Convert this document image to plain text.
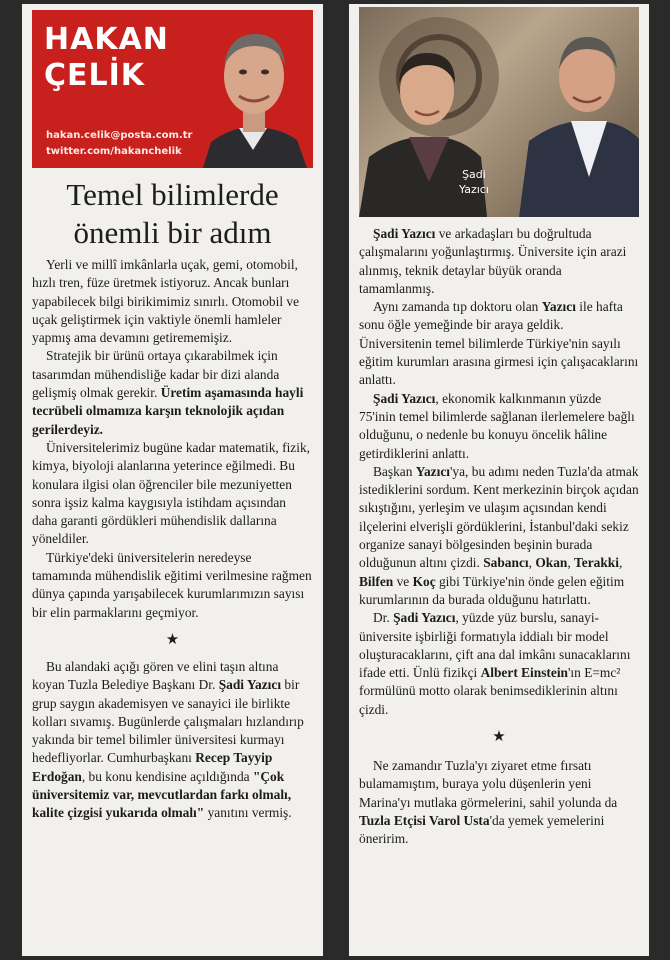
HAKAN
ÇELİK
hakan.celik@posta.com.tr
twitter.com/hakanchelik
Temel bilimlerde
önemli bir adım

Yerli ve millî imkânlarla uçak, gemi, otomobil, hızlı tren, füze üretmek istiyoruz. Ancak bunları yapabilecek bilgi birikimimiz sınırlı. Otomobil ve uçak geliştirmek için vaktiyle önemli hamleler yapmış ama devamını getirememişiz.

Stratejik bir ürünü ortaya çıkarabilmek için tasarımdan mühendisliğe kadar bir dizi alanda gelişmiş olmak gerekir. Üretim aşamasında hayli tecrübeli olmamıza karşın teknolojik açıdan gerilerdeyiz.

Üniversitelerimiz bugüne kadar matematik, fizik, kimya, biyoloji alanlarına yeterince eğilmedi. Bu konulara ilgisi olan öğrenciler bile mezuniyetten sonra işsiz kalma kaygısıyla istihdam açısından daha garanti gördükleri mühendislik dallarına yöneldiler.

Türkiye'deki üniversitelerin neredeyse tamamında mühendislik eğitimi verilmesine rağmen dünya çapında yarışabilecek kurumlarımızın sayısı bir elin parmaklarını geçmiyor.

★

Bu alandaki açığı gören ve elini taşın altına koyan Tuzla Belediye Başkanı Dr. Şadi Yazıcı bir grup saygın akademisyen ve sanayici ile birlikte kolları sıvamış. Bugünlerde çalışmaları hızlandırıp yakında bir temel bilimler üniversitesi kurmayı hedefliyorlar. Cumhurbaşkanı Recep Tayyip Erdoğan, bu konu kendisine açıldığında "Çok üniversitemiz var, mevcutlardan farkı olmalı, kalite çizgisi yukarıda olmalı" yanıtını vermiş.

Şadi
Yazıcı

Şadi Yazıcı ve arkadaşları bu doğrultuda çalışmalarını yoğunlaştırmış. Üniversite için arazi alınmış, teknik detaylar büyük oranda tamamlanmış.

Aynı zamanda tıp doktoru olan Yazıcı ile hafta sonu öğle yemeğinde bir araya geldik. Üniversitenin temel bilimlerde Türkiye'nin sayılı eğitim kurumları arasına girmesi için çalışacaklarını anlattı.

Şadi Yazıcı, ekonomik kalkınmanın yüzde 75'inin temel bilimlerde sağlanan ilerlemelere bağlı olduğunu, o nedenle bu konuyu öncelik hâline getirdiklerini anlattı.

Başkan Yazıcı'ya, bu adımı neden Tuzla'da atmak istediklerini sordum. Kent merkezinin birçok açıdan sıkıştığını, yerleşim ve ulaşım açısından kendi ilçelerini elverişli gördüklerini, İstanbul'daki sekiz organize sanayi bölgesinden beşinin burada olduğunun altını çizdi. Sabancı, Okan, Terakki, Bilfen ve Koç gibi Türkiye'nin önde gelen eğitim kurumlarının da burada olduğunu hatırlattı.

Dr. Şadi Yazıcı, yüzde yüz burslu, sanayi-üniversite işbirliği formatıyla iddialı bir model oluşturacaklarını, çift ana dal imkânı sunacaklarını ifade etti. Ünlü fizikçi Albert Einstein'ın E=mc² formülünü motto olarak benimsediklerinin altını çizdi.

★

Ne zamandır Tuzla'yı ziyaret etme fırsatı bulamamıştım, buraya yolu düşenlerin yeni Marina'yı mutlaka görmelerini, sahil yolunda da Tuzla Etçisi Varol Usta'da yemek yemelerini öneririm.
